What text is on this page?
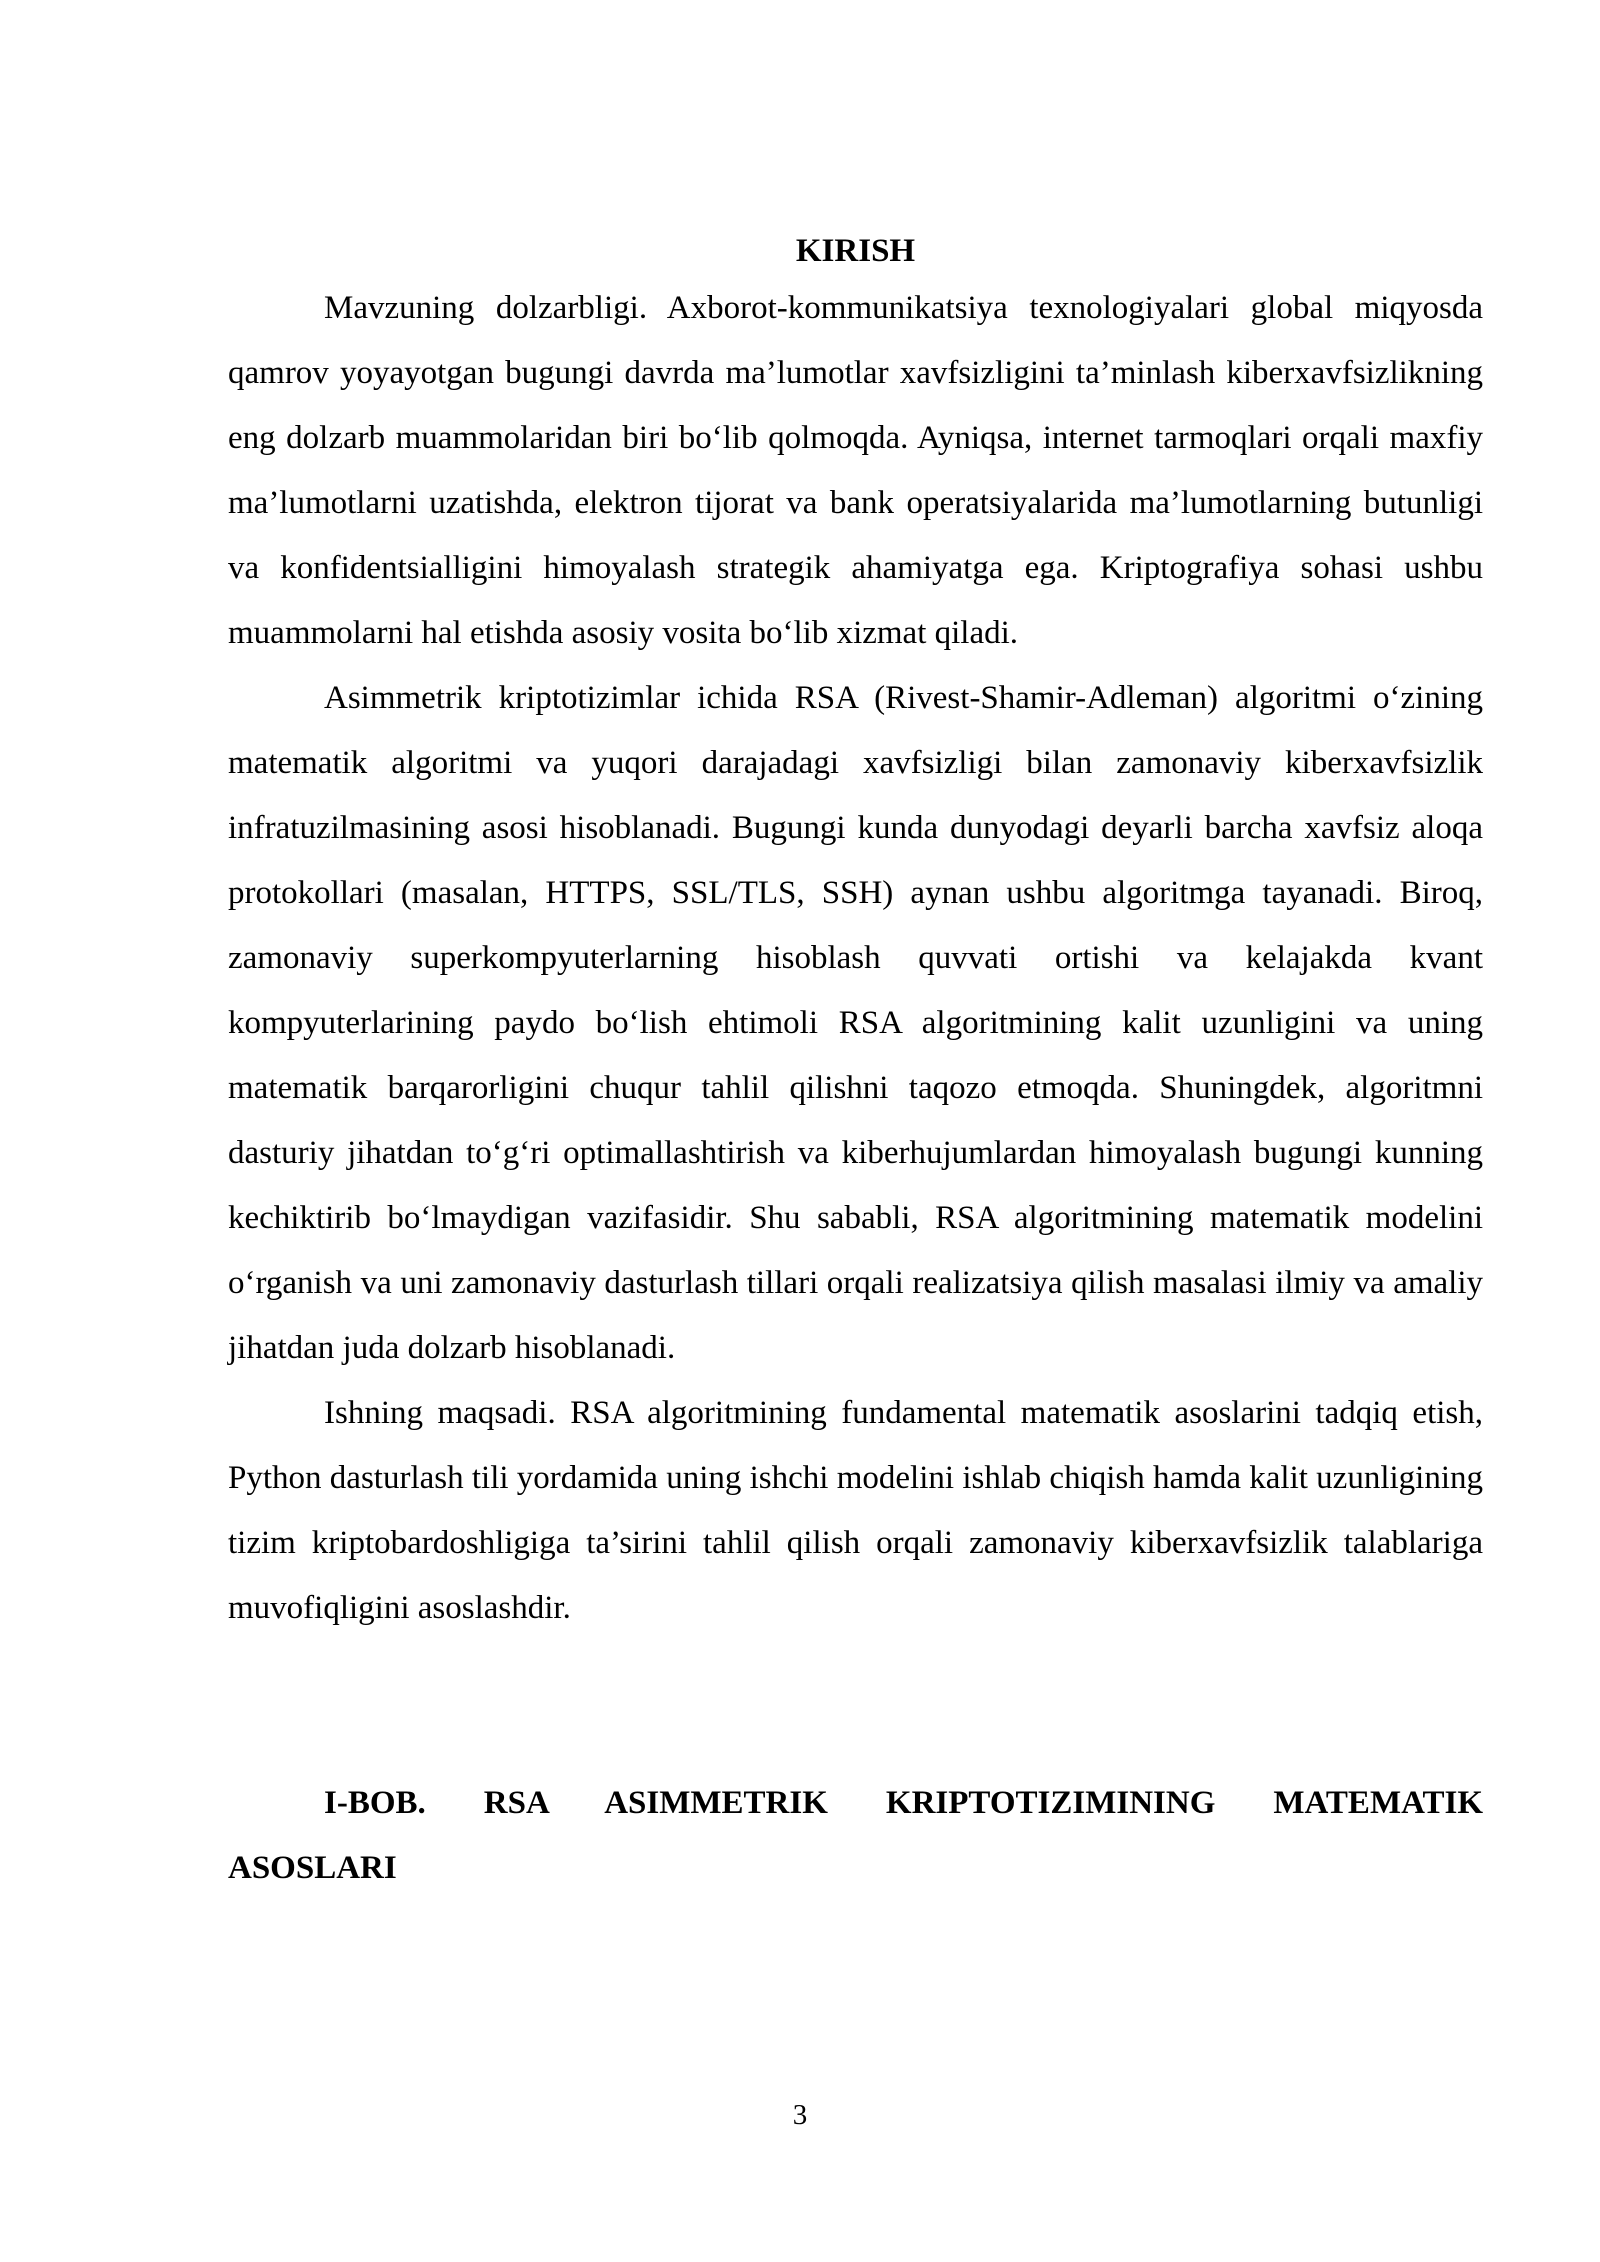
KIRISH

Mavzuning dolzarbligi. Axborot-kommunikatsiya texnologiyalari global miqyosda qamrov yoyayotgan bugungi davrda ma’lumotlar xavfsizligini ta’minlash kiberxavfsizlikning eng dolzarb muammolaridan biri bo‘lib qolmoqda. Ayniqsa, internet tarmoqlari orqali maxfiy ma’lumotlarni uzatishda, elektron tijorat va bank operatsiyalarida ma’lumotlarning butunligi va konfidentsialligini himoyalash strategik ahamiyatga ega. Kriptografiya sohasi ushbu muammolarni hal etishda asosiy vosita bo‘lib xizmat qiladi.

Asimmetrik kriptotizimlar ichida RSA (Rivest-Shamir-Adleman) algoritmi o‘zining matematik algoritmi va yuqori darajadagi xavfsizligi bilan zamonaviy kiberxavfsizlik infratuzilmasining asosi hisoblanadi. Bugungi kunda dunyodagi deyarli barcha xavfsiz aloqa protokollari (masalan, HTTPS, SSL/TLS, SSH) aynan ushbu algoritmga tayanadi. Biroq, zamonaviy superkompyuterlarning hisoblash quvvati ortishi va kelajakda kvant kompyuterlarining paydo bo‘lish ehtimoli RSA algoritmining kalit uzunligini va uning matematik barqarorligini chuqur tahlil qilishni taqozo etmoqda. Shuningdek, algoritmni dasturiy jihatdan to‘g‘ri optimallashtirish va kiberhujumlardan himoyalash bugungi kunning kechiktirib bo‘lmaydigan vazifasidir. Shu sababli, RSA algoritmining matematik modelini o‘rganish va uni zamonaviy dasturlash tillari orqali realizatsiya qilish masalasi ilmiy va amaliy jihatdan juda dolzarb hisoblanadi.

Ishning maqsadi. RSA algoritmining fundamental matematik asoslarini tadqiq etish, Python dasturlash tili yordamida uning ishchi modelini ishlab chiqish hamda kalit uzunligining tizim kriptobardoshligiga ta’sirini tahlil qilish orqali zamonaviy kiberxavfsizlik talablariga muvofiqligini asoslashdir.

I-BOB. RSA ASIMMETRIK KRIPTOTIZIMINING MATEMATIK ASOSLARI
3
